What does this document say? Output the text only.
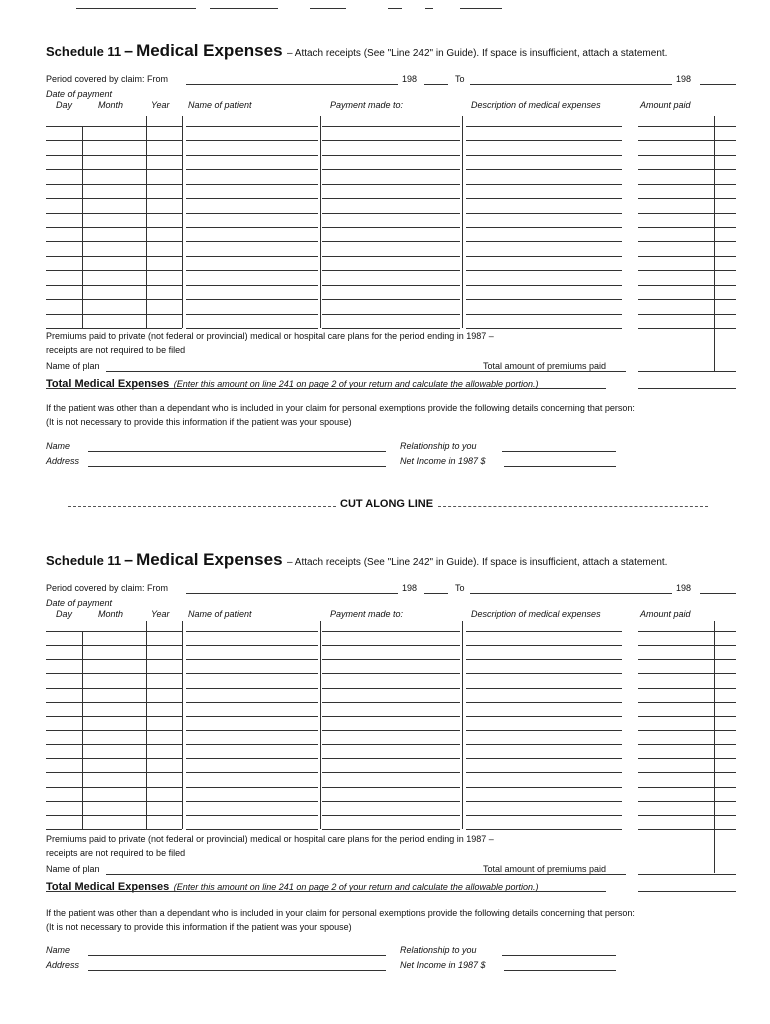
Schedule 11 – Medical Expenses – Attach receipts (See "Line 242" in Guide). If space is insufficient, attach a statement.
Period covered by claim: From	198	To	198
Date of payment
Day	Month	Year Name of patient	Payment made to:	Description of medical expenses	Amount paid
Premiums paid to private (not federal or provincial) medical or hospital care plans for the period ending in 1987 –
receipts are not required to be filed
Name of plan	Total amount of premiums paid
Total Medical Expenses (Enter this amount on line 241 on page 2 of your return and calculate the allowable portion.)
If the patient was other than a dependant who is included in your claim for personal exemptions provide the following details concerning that person:
(It is not necessary to provide this information if the patient was your spouse)
Name
Address
Relationship to you
Net Income in 1987 $
CUT ALONG LINE
Schedule 11 – Medical Expenses – Attach receipts (See "Line 242" in Guide). If space is insufficient, attach a statement.
Period covered by claim: From	198	To	198
Date of payment
Day	Month	Year Name of patient	Payment made to:	Description of medical expenses	Amount paid
Premiums paid to private (not federal or provincial) medical or hospital care plans for the period ending in 1987 –
receipts are not required to be filed
Name of plan	Total amount of premiums paid
Total Medical Expenses (Enter this amount on line 241 on page 2 of your return and calculate the allowable portion.)
If the patient was other than a dependant who is included in your claim for personal exemptions provide the following details concerning that person:
(It is not necessary to provide this information if the patient was your spouse)
Name
Address
Relationship to you
Net Income in 1987 $
